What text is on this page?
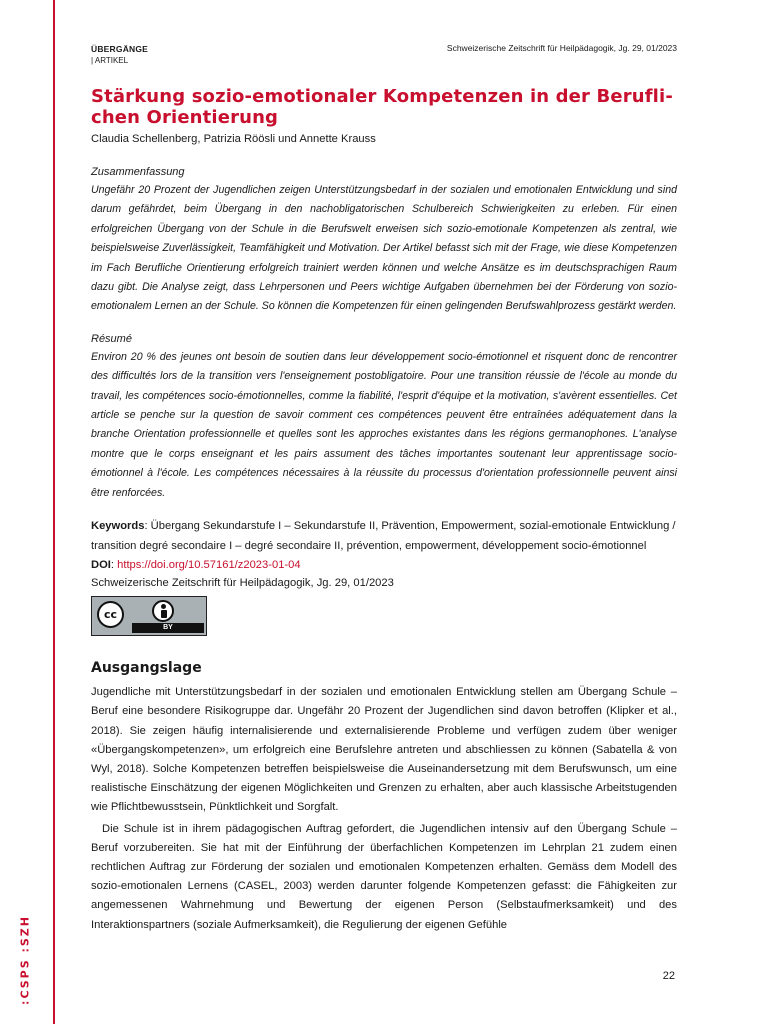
:CSPS :SZH
ÜBERGÄNGE
| ARTIKEL
Schweizerische Zeitschrift für Heilpädagogik, Jg. 29, 01/2023
Stärkung sozio-emotionaler Kompetenzen in der Berufli-chen Orientierung
Claudia Schellenberg, Patrizia Röösli und Annette Krauss
Zusammenfassung

Ungefähr 20 Prozent der Jugendlichen zeigen Unterstützungsbedarf in der sozialen und emotionalen Entwicklung und sind darum gefährdet, beim Übergang in den nachobligatorischen Schulbereich Schwierigkeiten zu erleben. Für einen erfolgreichen Übergang von der Schule in die Berufswelt erweisen sich sozio-emotionale Kompetenzen als zentral, wie beispielsweise Zuverlässigkeit, Teamfähigkeit und Motivation. Der Artikel befasst sich mit der Frage, wie diese Kompetenzen im Fach Berufliche Orientierung erfolgreich trainiert werden können und welche Ansätze es im deutschsprachigen Raum dazu gibt. Die Analyse zeigt, dass Lehrpersonen und Peers wichtige Aufgaben übernehmen bei der Förderung von sozio-emotionalem Lernen an der Schule. So können die Kompetenzen für einen gelingenden Berufswahlprozess gestärkt werden.

Résumé

Environ 20 % des jeunes ont besoin de soutien dans leur développement socio-émotionnel et risquent donc de rencontrer des difficultés lors de la transition vers l'enseignement postobligatoire. Pour une transition réussie de l'école au monde du travail, les compétences socio-émotionnelles, comme la fiabilité, l'esprit d'équipe et la motivation, s'avèrent essentielles. Cet article se penche sur la question de savoir comment ces compétences peuvent être entraînées adéquatement dans la branche Orientation professionnelle et quelles sont les approches existantes dans les régions germanophones. L'analyse montre que le corps enseignant et les pairs assument des tâches importantes soutenant leur apprentissage socio-émotionnel à l'école. Les compétences nécessaires à la réussite du processus d'orientation professionnelle peuvent ainsi être renforcées.

Keywords: Übergang Sekundarstufe I – Sekundarstufe II, Prävention, Empowerment, sozial-emotionale Entwicklung / transition degré secondaire I – degré secondaire II, prévention, empowerment, développement socio-émotionnel
DOI: https://doi.org/10.57161/z2023-01-04
Schweizerische Zeitschrift für Heilpädagogik, Jg. 29, 01/2023
cc
BY
Ausgangslage

Jugendliche mit Unterstützungsbedarf in der sozialen und emotionalen Entwicklung stellen am Übergang Schule – Beruf eine besondere Risikogruppe dar. Ungefähr 20 Prozent der Jugendlichen sind davon betroffen (Klipker et al., 2018). Sie zeigen häufig internalisierende und externalisierende Probleme und verfügen zudem über weniger «Übergangskompetenzen», um erfolgreich eine Berufslehre antreten und abschliessen zu können (Sabatella & von Wyl, 2018). Solche Kompetenzen betreffen beispielsweise die Auseinandersetzung mit dem Berufswunsch, um eine realistische Einschätzung der eigenen Möglichkeiten und Grenzen zu erhalten, aber auch klassische Arbeitstugenden wie Pflichtbewusstsein, Pünktlichkeit und Sorgfalt.

Die Schule ist in ihrem pädagogischen Auftrag gefordert, die Jugendlichen intensiv auf den Übergang Schule – Beruf vorzubereiten. Sie hat mit der Einführung der überfachlichen Kompetenzen im Lehrplan 21 zudem einen rechtlichen Auftrag zur Förderung der sozialen und emotionalen Kompetenzen erhalten. Gemäss dem Modell des sozio-emotionalen Lernens (CASEL, 2003) werden darunter folgende Kompetenzen gefasst: die Fähigkeiten zur angemessenen Wahrnehmung und Bewertung der eigenen Person (Selbstaufmerksamkeit) und des Interaktionspartners (soziale Aufmerksamkeit), die Regulierung der eigenen Gefühle

22
